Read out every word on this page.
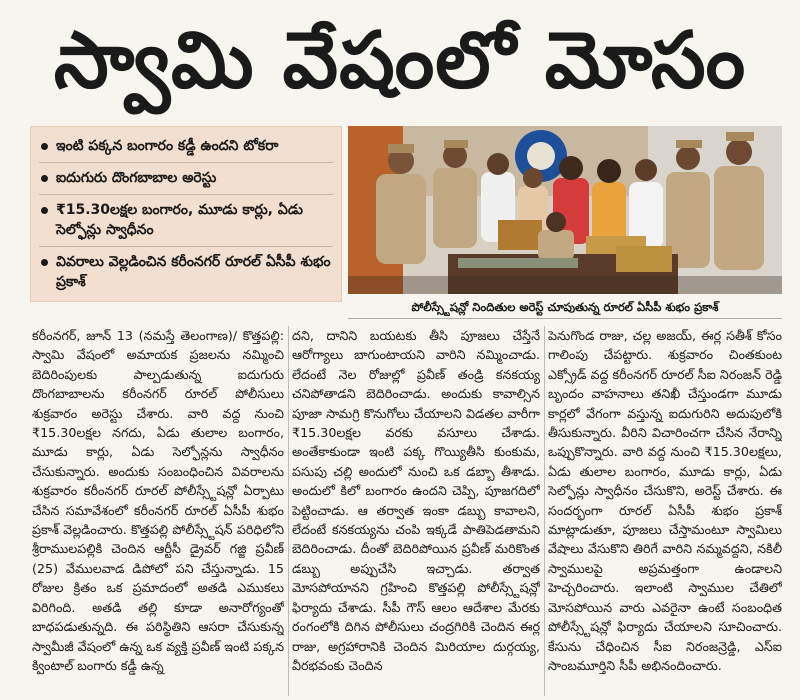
స్వామి వేషంలో మోసం
ఇంటి పక్కన బంగారం కడ్డీ ఉందని టోకరా
ఐదుగురు దొంగబాబాల అరెస్టు
₹15.30లక్షల బంగారం, మూడు కార్లు, ఏడు సెల్ఫోన్లు స్వాధీనం
వివరాలు వెల్లడించిన కరీంనగర్ రూరల్ ఏసీపీ శుభం ప్రకాశ్
పోలీస్స్టేషన్లో నిందితుల అరెస్ట్ చూపుతున్న రూరల్ ఏసీపీ శుభం ప్రకాశ్

కరీంనగర్, జూన్ 13 (నమస్తే తెలంగాణ)/ కొత్తపల్లి: స్వామి వేషంలో అమాయక ప్రజలను నమ్మించి బెదిరింపులకు పాల్పడుతున్న ఐదుగురు దొంగబాబాలను కరీంనగర్ రూరల్ పోలీసులు శుక్రవారం అరెస్టు చేశారు. వారి వద్ద నుంచి ₹15.30లక్షల నగదు, ఏడు తులాల బంగారం, మూడు కార్లు, ఏడు సెల్ఫోన్లను స్వాధీనం చేసుకున్నారు. అందుకు సంబంధించిన వివరాలను శుక్రవారం కరీంనగర్ రూరల్ పోలీస్స్టేషన్లో ఏర్పాటు చేసిన సమావేశంలో కరీంనగర్ రూరల్ ఏసీపీ శుభం ప్రకాశ్ వెల్లడించారు. కొత్తపల్లి పోలీస్స్టేషన్ పరిధిలోని శ్రీరాములపల్లికి చెందిన ఆర్టీసీ డ్రైవర్ గజ్జి ప్రవీణ్ (25) వేములవాడ డిపోలో పని చేస్తున్నాడు. 15 రోజుల క్రితం ఒక ప్రమాదంలో అతడి ఎముకలు విరిగింది. అతడి తల్లి కూడా అనారోగ్యంతో బాధపడుతున్నది. ఈ పరిస్థితిని ఆసరా చేసుకున్న స్వామీజీ వేషంలో ఉన్న ఒక వ్యక్తి ప్రవీణ్ ఇంటి పక్కన క్వింటాల్ బంగారు కడ్డీ ఉన్న

దని, దానిని బయటకు తీసి పూజలు చేస్తేనే ఆరోగ్యాలు బాగుంటాయని వారిని నమ్మించాడు. లేదంటే నెల రోజుల్లో ప్రవీణ్ తండ్రి కనకయ్య చనిపోతాడని బెదిరించాడు. అందుకు కావాల్సిన పూజా సామగ్రి కొనుగోలు చేయాలని విడతల వారీగా ₹15.30లక్షల వరకు వసూలు చేశాడు. అంతేకాకుండా ఇంటి పక్క గొయ్యితీసి కుంకుమ, పసుపు చల్లి అందులో నుంచి ఒక డబ్బా తీశాడు. అందులో కిలో బంగారం ఉందని చెప్పి, పూజగదిలో పెట్టించాడు. ఆ తర్వాత ఇంకా డబ్బు కావాలని, లేదంటే కనకయ్యను చంపి ఇక్కడే పాతిపెడతామని బెదిరించాడు. దీంతో బెదిరిపోయిన ప్రవీణ్ మరికొంత డబ్బు అప్పుచేసి ఇచ్చాడు. తర్వాత మోసపోయానని గ్రహించి కొత్తపల్లి పోలీస్స్టేషన్లో ఫిర్యాదు చేశాడు. సీపీ గౌస్ ఆలం ఆదేశాల మేరకు రంగంలోకి దిగిన పోలీసులు చంద్రగిరికి చెందిన ఈర్ల రాజు, అగ్రహారానికి చెందిన మిరియాల దుర్గయ్య, వీరభవంకు చెందిన

పెనుగొండ రాజు, చల్ల అజయ్, ఈర్ల సతీశ్ కోసం గాలింపు చేపట్టారు. శుక్రవారం చింతకుంట ఎక్స్రోడ్ వద్ద కరీంనగర్ రూరల్ సీఐ నిరంజన్ రెడ్డి బృందం వాహనాలు తనిఖీ చేస్తుండగా మూడు కార్లలో వేగంగా వస్తున్న ఐదుగురిని అదుపులోకి తీసుకున్నారు. వీరిని విచారించగా చేసిన నేరాన్ని ఒప్పుకొన్నారు. వారి వద్ద నుంచి ₹15.30లక్షలు, ఏడు తులాల బంగారం, మూడు కార్లు, ఏడు సెల్ఫోన్లు స్వాధీనం చేసుకొని, అరెస్ట్ చేశారు. ఈ సందర్భంగా రూరల్ ఏసీపీ శుభం ప్రకాశ్ మాట్లాడుతూ, పూజలు చేస్తామంటూ స్వామిలు వేషాలు వేసుకొని తిరిగే వారిని నమ్మవద్దని, నకిలీ స్వాములపై అప్రమత్తంగా ఉండాలని హెచ్చరించారు. ఇలాంటి స్వాముల చేతిలో మోసపోయిన వారు ఎవరైనా ఉంటే సంబంధిత పోలీస్స్టేషన్లో ఫిర్యాదు చేయాలని సూచించారు. కేసును చేధించిన సీఐ నిరంజన్రెడ్డి, ఎస్ఐ సాంబమూర్తిని సీపీ అభినందించారు.
